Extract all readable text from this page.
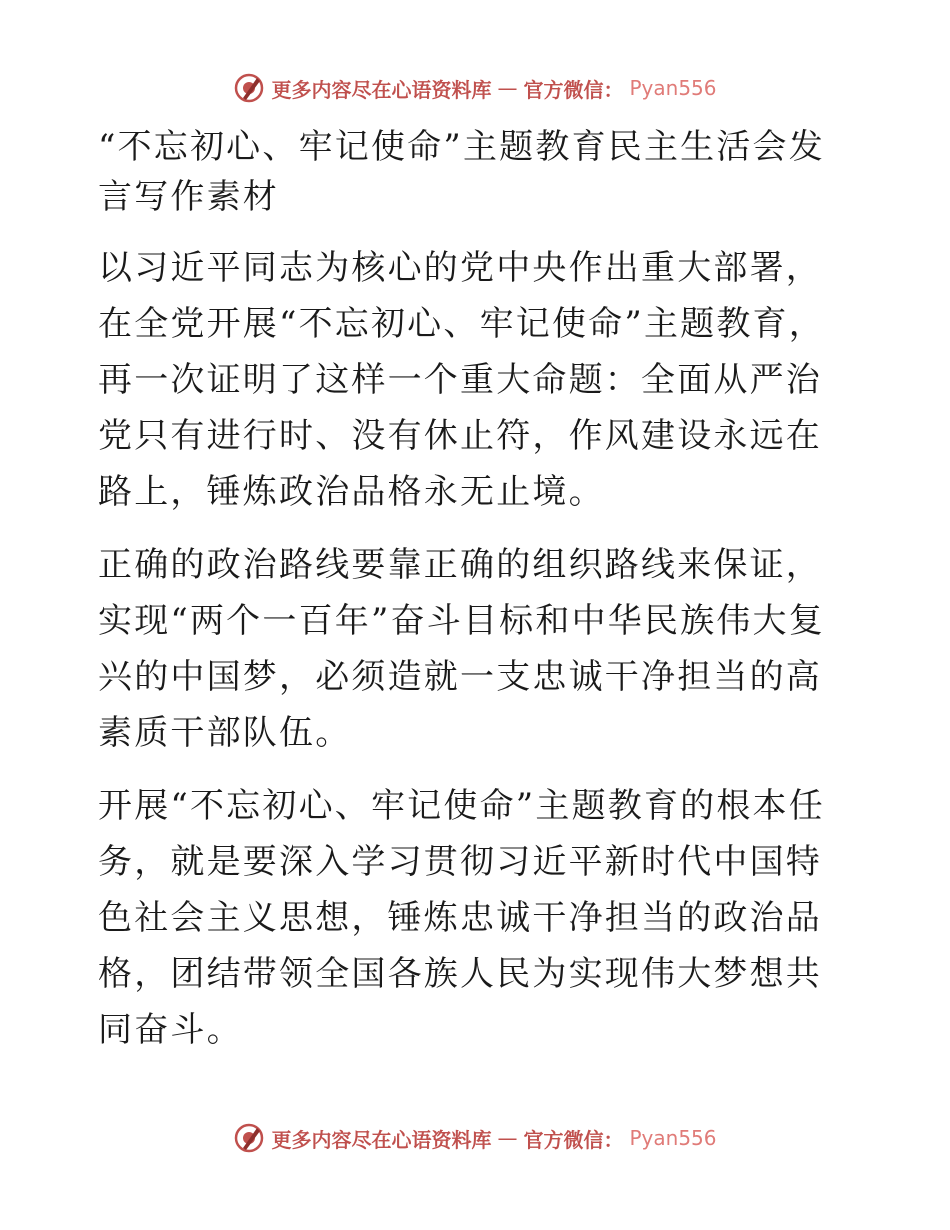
更多内容尽在心语资料库 — 官方微信： Pyan556
“不忘初心、牢记使命”主题教育民主生活会发言写作素材

以习近平同志为核心的党中央作出重大部署，在全党开展“不忘初心、牢记使命”主题教育，再一次证明了这样一个重大命题：全面从严治党只有进行时、没有休止符，作风建设永远在路上，锤炼政治品格永无止境。

正确的政治路线要靠正确的组织路线来保证，实现“两个一百年”奋斗目标和中华民族伟大复兴的中国梦，必须造就一支忠诚干净担当的高素质干部队伍。

开展“不忘初心、牢记使命”主题教育的根本任务，就是要深入学习贯彻习近平新时代中国特色社会主义思想，锤炼忠诚干净担当的政治品格，团结带领全国各族人民为实现伟大梦想共同奋斗。

更多内容尽在心语资料库 — 官方微信： Pyan556
